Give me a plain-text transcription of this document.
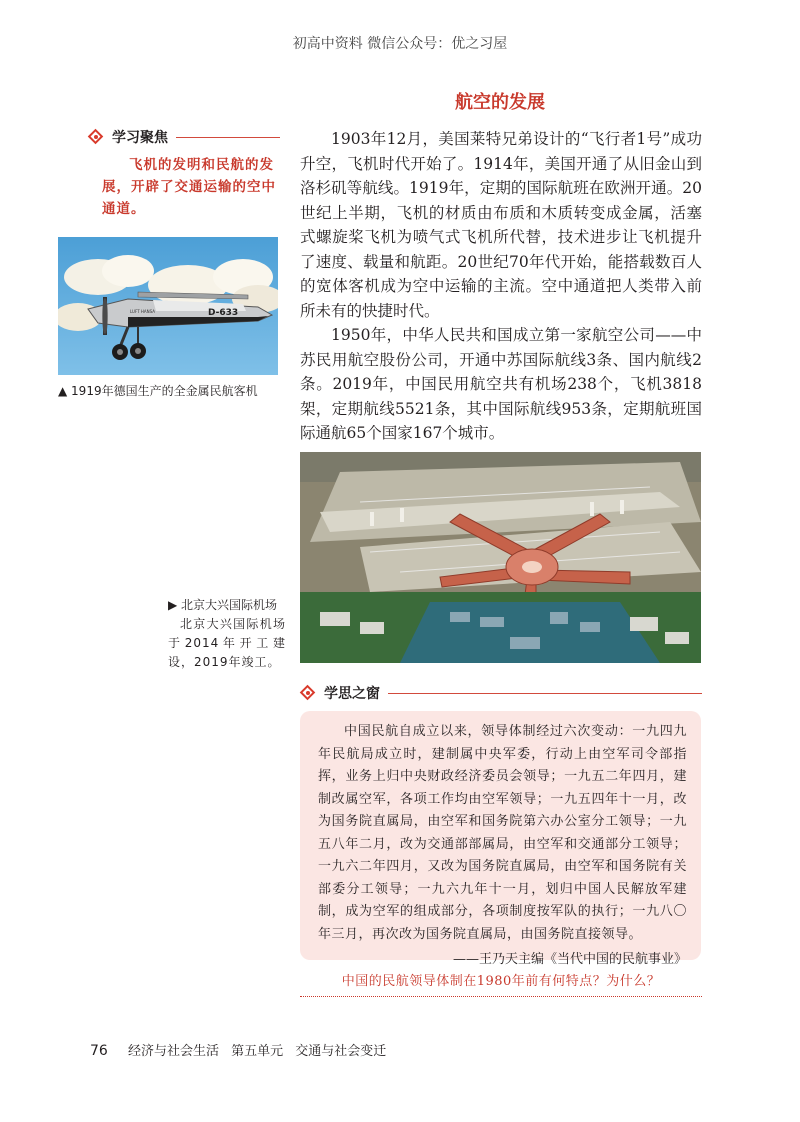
初高中资料 微信公众号：优之习屋
航空的发展
学习聚焦
飞机的发明和民航的发展，开辟了交通运输的空中通道。
D-633
LUFT HANSA
▲ 1919年德国生产的全金属民航客机

1903年12月，美国莱特兄弟设计的“飞行者1号”成功升空，飞机时代开始了。1914年，美国开通了从旧金山到洛杉矶等航线。1919年，定期的国际航班在欧洲开通。20世纪上半期，飞机的材质由布质和木质转变成金属，活塞式螺旋桨飞机为喷气式飞机所代替，技术进步让飞机提升了速度、载量和航距。20世纪70年代开始，能搭载数百人的宽体客机成为空中运输的主流。空中通道把人类带入前所未有的快捷时代。

1950年，中华人民共和国成立第一家航空公司——中苏民用航空股份公司，开通中苏国际航线3条、国内航线2条。2019年，中国民用航空共有机场238个，飞机3818架，定期航线5521条，其中国际航线953条，定期航班国际通航65个国家167个城市。

▶ 北京大兴国际机场
北京大兴国际机场于2014年开工建设，2019年竣工。
学思之窗

中国民航自成立以来，领导体制经过六次变动：一九四九年民航局成立时，建制属中央军委，行动上由空军司令部指挥，业务上归中央财政经济委员会领导；一九五二年四月，建制改属空军，各项工作均由空军领导；一九五四年十一月，改为国务院直属局，由空军和国务院第六办公室分工领导；一九五八年二月，改为交通部部属局，由空军和交通部分工领导；一九六二年四月，又改为国务院直属局，由空军和国务院有关部委分工领导；一九六九年十一月，划归中国人民解放军建制，成为空军的组成部分，各项制度按军队的执行；一九八〇年三月，再次改为国务院直属局，由国务院直接领导。

——王乃天主编《当代中国的民航事业》
中国的民航领导体制在1980年前有何特点？为什么？
76 经济与社会生活 第五单元 交通与社会变迁
